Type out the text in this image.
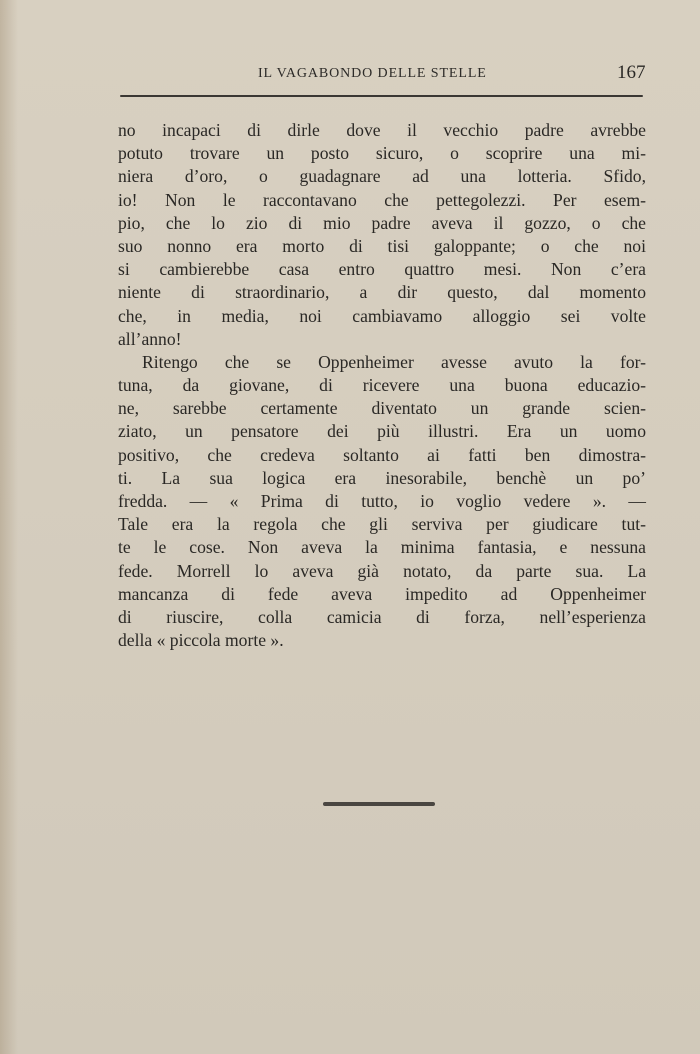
IL VAGABONDO DELLE STELLE	167
no incapaci di dirle dove il vecchio padre avrebbe
potuto trovare un posto sicuro, o scoprire una mi-
niera d’oro, o guadagnare ad una lotteria. Sfido,
io! Non le raccontavano che pettegolezzi. Per esem-
pio, che lo zio di mio padre aveva il gozzo, o che
suo nonno era morto di tisi galoppante; o che noi
si cambierebbe casa entro quattro mesi. Non c’era
niente di straordinario, a dir questo, dal momento
che, in media, noi cambiavamo alloggio sei volte
all’anno!
Ritengo che se Oppenheimer avesse avuto la for-
tuna, da giovane, di ricevere una buona educazio-
ne, sarebbe certamente diventato un grande scien-
ziato, un pensatore dei più illustri. Era un uomo
positivo, che credeva soltanto ai fatti ben dimostra-
ti. La sua logica era inesorabile, benchè un po’
fredda. — « Prima di tutto, io voglio vedere ». —
Tale era la regola che gli serviva per giudicare tut-
te le cose. Non aveva la minima fantasia, e nessuna
fede. Morrell lo aveva già notato, da parte sua. La
mancanza di fede aveva impedito ad Oppenheimer
di riuscire, colla camicia di forza, nell’esperienza
della « piccola morte ».
